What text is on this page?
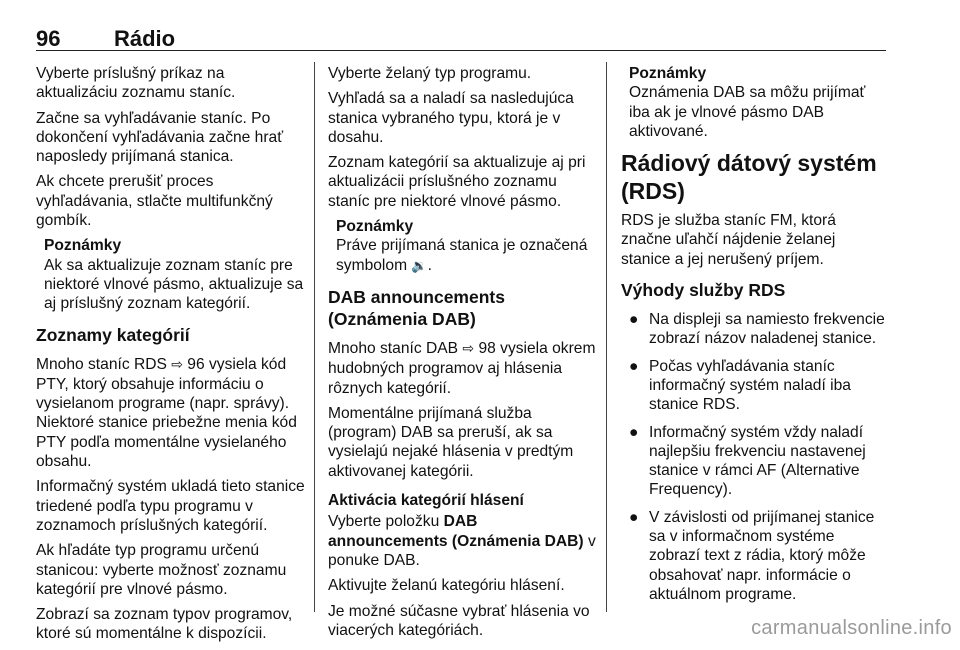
96 Rádio

Vyberte príslušný príkaz na aktualizáciu zoznamu staníc.

Začne sa vyhľadávanie staníc. Po dokončení vyhľadávania začne hrať naposledy prijímaná stanica.

Ak chcete prerušiť proces vyhľadávania, stlačte multifunkčný gombík.

Poznámky
Ak sa aktualizuje zoznam staníc pre niektoré vlnové pásmo, aktualizuje sa aj príslušný zoznam kategórií.
Zoznamy kategórií

Mnoho staníc RDS ⇨ 96 vysiela kód PTY, ktorý obsahuje informáciu o vysielanom programe (napr. správy). Niektoré stanice priebežne menia kód PTY podľa momentálne vysielaného obsahu.

Informačný systém ukladá tieto stanice triedené podľa typu programu v zoznamoch príslušných kategórií.

Ak hľadáte typ programu určenú stanicou: vyberte možnosť zoznamu kategórií pre vlnové pásmo.

Zobrazí sa zoznam typov programov, ktoré sú momentálne k dispozícii.

Vyberte želaný typ programu.

Vyhľadá sa a naladí sa nasledujúca stanica vybraného typu, ktorá je v dosahu.

Zoznam kategórií sa aktualizuje aj pri aktualizácii príslušného zoznamu staníc pre niektoré vlnové pásmo.

Poznámky
Práve prijímaná stanica je označená symbolom 🔉.
DAB announcements (Oznámenia DAB)

Mnoho staníc DAB ⇨ 98 vysiela okrem hudobných programov aj hlásenia rôznych kategórií.

Momentálne prijímaná služba (program) DAB sa preruší, ak sa vysielajú nejaké hlásenia v predtým aktivovanej kategórii.

Aktivácia kategórií hlásení

Vyberte položku DAB announcements (Oznámenia DAB) v ponuke DAB.

Aktivujte želanú kategóriu hlásení.

Je možné súčasne vybrať hlásenia vo viacerých kategóriách.

Poznámky
Oznámenia DAB sa môžu prijímať iba ak je vlnové pásmo DAB aktivované.
Rádiový dátový systém (RDS)

RDS je služba staníc FM, ktorá značne uľahčí nájdenie želanej stanice a jej nerušený príjem.

Výhody služby RDS
● Na displeji sa namiesto frekvencie zobrazí názov naladenej stanice.
● Počas vyhľadávania staníc informačný systém naladí iba stanice RDS.
● Informačný systém vždy naladí najlepšiu frekvenciu nastavenej stanice v rámci AF (Alternative Frequency).
● V závislosti od prijímanej stanice sa v informačnom systéme zobrazí text z rádia, ktorý môže obsahovať napr. informácie o aktuálnom programe.
carmanualsonline.info
